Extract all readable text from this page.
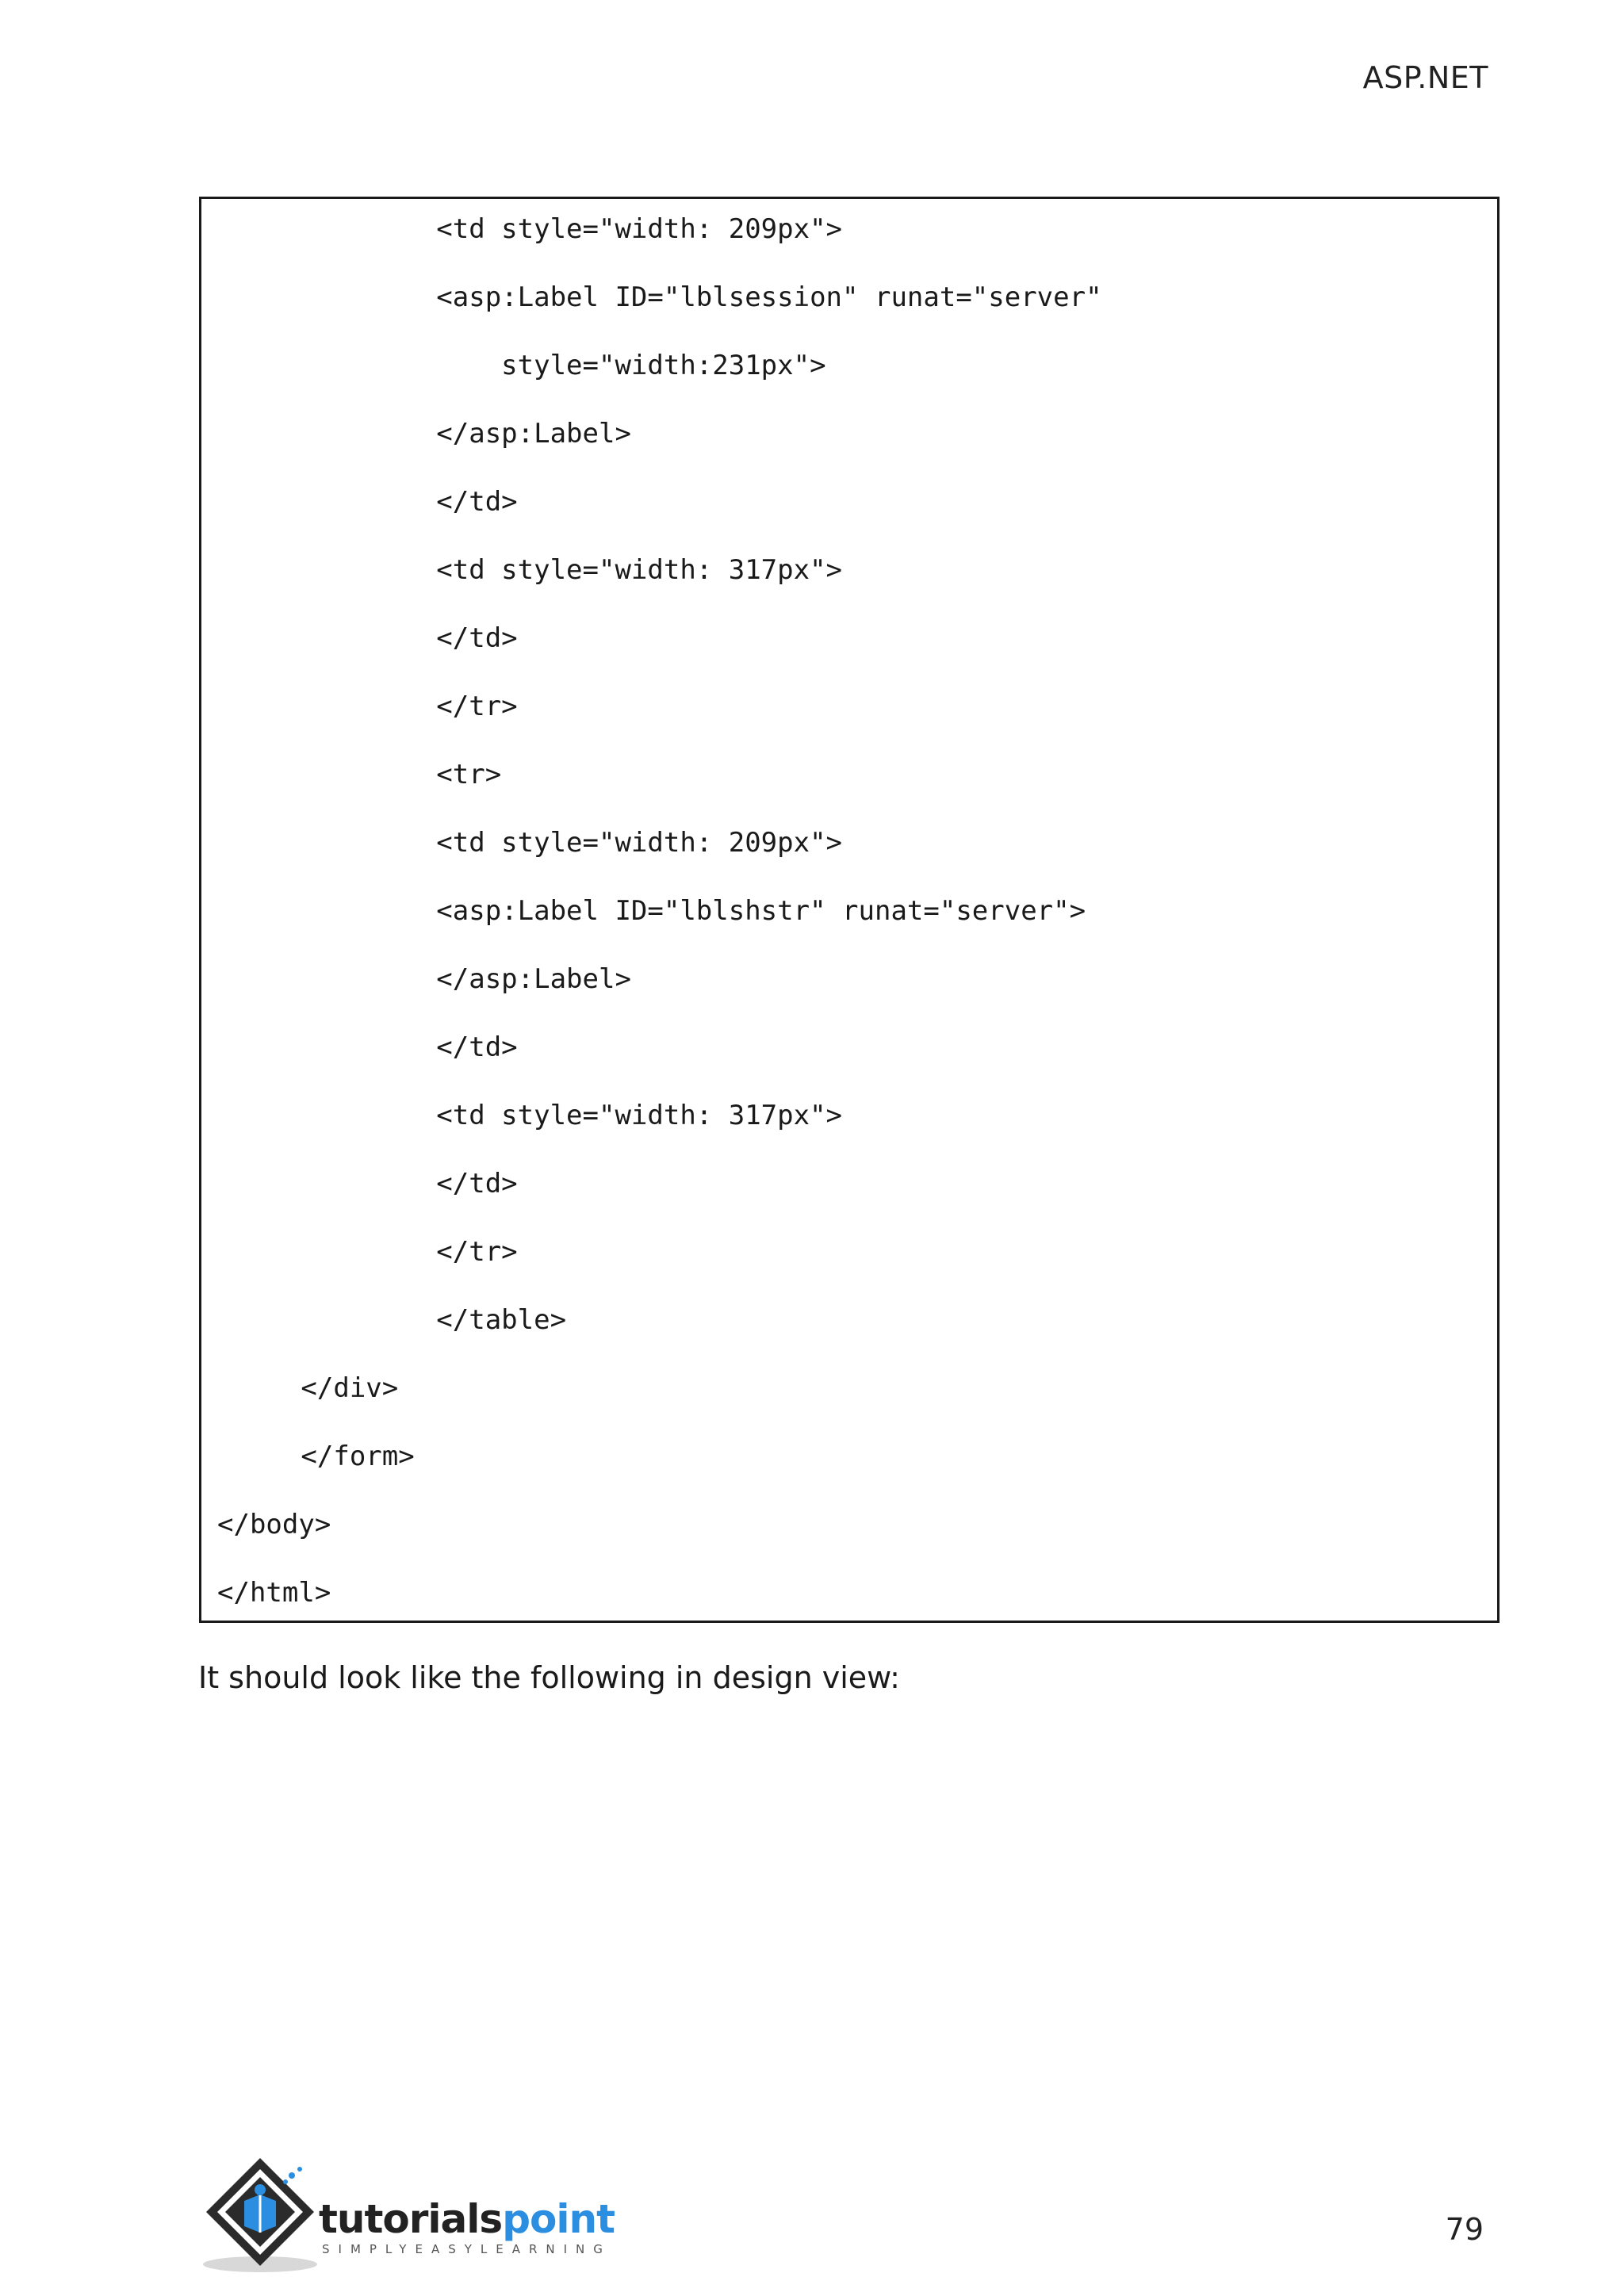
ASP.NET
<td style="width: 209px">
<asp:Label ID="lblsession" runat="server"
style="width:231px">
</asp:Label>
</td>
<td style="width: 317px">
</td>
</tr>
<tr>
<td style="width: 209px">
<asp:Label ID="lblshstr" runat="server">
</asp:Label>
</td>
<td style="width: 317px">
</td>
</tr>
</table>
</div>
</form>
</body>
</html>
It should look like the following in design view:
tutorialspoint
SIMPLYEASYLEARNING
79
